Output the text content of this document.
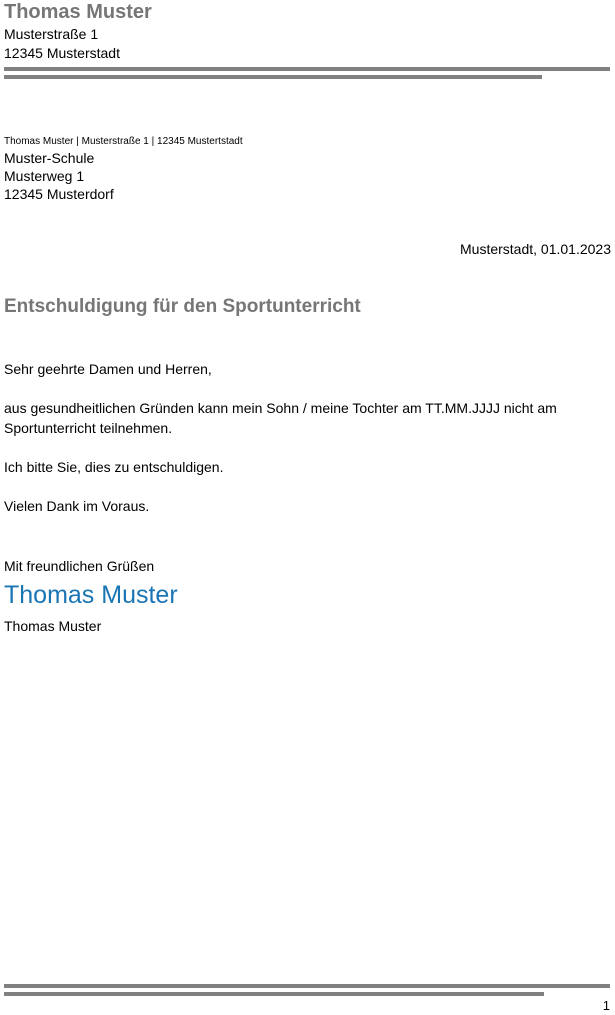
Thomas Muster
Musterstraße 1
12345 Musterstadt
Thomas Muster | Musterstraße 1 | 12345 Mustertstadt
Muster-Schule
Musterweg 1
12345 Musterdorf
Musterstadt, 01.01.2023
Entschuldigung für den Sportunterricht
Sehr geehrte Damen und Herren,
aus gesundheitlichen Gründen kann mein Sohn / meine Tochter am TT.MM.JJJJ nicht am Sportunterricht teilnehmen.
Ich bitte Sie, dies zu entschuldigen.
Vielen Dank im Voraus.
Mit freundlichen Grüßen
Thomas Muster
Thomas Muster
1
